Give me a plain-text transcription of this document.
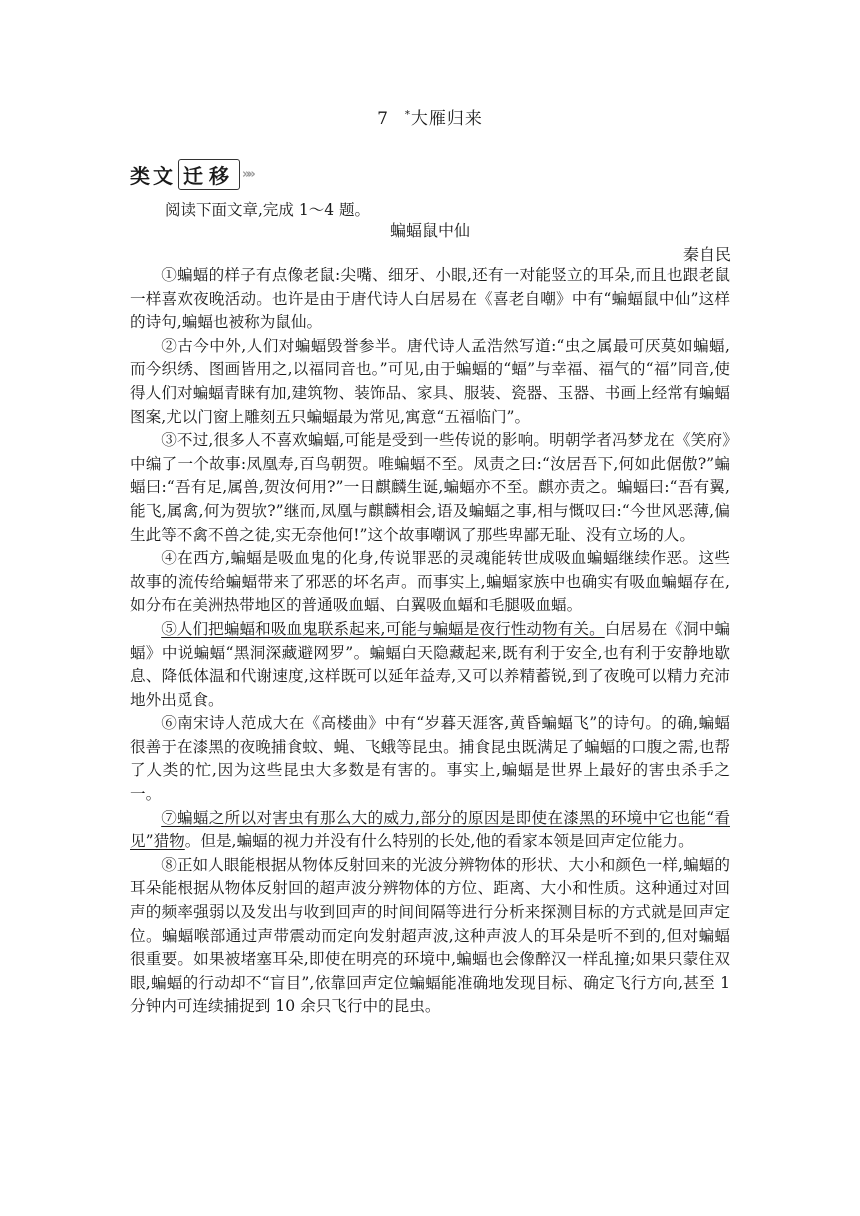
7 *大雁归来
类文 迁移 »»
阅读下面文章,完成 1～4 题。
蝙蝠鼠中仙
秦自民

①蝙蝠的样子有点像老鼠:尖嘴、细牙、小眼,还有一对能竖立的耳朵,而且也跟老鼠一样喜欢夜晚活动。也许是由于唐代诗人白居易在《喜老自嘲》中有“蝙蝠鼠中仙”这样的诗句,蝙蝠也被称为鼠仙。

②古今中外,人们对蝙蝠毁誉参半。唐代诗人孟浩然写道:“虫之属最可厌莫如蝙蝠,而今织绣、图画皆用之,以福同音也。”可见,由于蝙蝠的“蝠”与幸福、福气的“福”同音,使得人们对蝙蝠青睐有加,建筑物、装饰品、家具、服装、瓷器、玉器、书画上经常有蝙蝠图案,尤以门窗上雕刻五只蝙蝠最为常见,寓意“五福临门”。

③不过,很多人不喜欢蝙蝠,可能是受到一些传说的影响。明朝学者冯梦龙在《笑府》中编了一个故事:凤凰寿,百鸟朝贺。唯蝙蝠不至。凤责之曰:“汝居吾下,何如此倨傲?”蝙蝠曰:“吾有足,属兽,贺汝何用?”一日麒麟生诞,蝙蝠亦不至。麒亦责之。蝙蝠曰:“吾有翼,能飞,属禽,何为贺欤?”继而,凤凰与麒麟相会,语及蝙蝠之事,相与慨叹曰:“今世风恶薄,偏生此等不禽不兽之徒,实无奈他何!”这个故事嘲讽了那些卑鄙无耻、没有立场的人。

④在西方,蝙蝠是吸血鬼的化身,传说罪恶的灵魂能转世成吸血蝙蝠继续作恶。这些故事的流传给蝙蝠带来了邪恶的坏名声。而事实上,蝙蝠家族中也确实有吸血蝙蝠存在,如分布在美洲热带地区的普通吸血蝠、白翼吸血蝠和毛腿吸血蝠。

⑤人们把蝙蝠和吸血鬼联系起来,可能与蝙蝠是夜行性动物有关。白居易在《洞中蝙蝠》中说蝙蝠“黑洞深藏避网罗”。蝙蝠白天隐藏起来,既有利于安全,也有利于安静地歇息、降低体温和代谢速度,这样既可以延年益寿,又可以养精蓄锐,到了夜晚可以精力充沛地外出觅食。

⑥南宋诗人范成大在《高楼曲》中有“岁暮天涯客,黄昏蝙蝠飞”的诗句。的确,蝙蝠很善于在漆黑的夜晚捕食蚊、蝇、飞蛾等昆虫。捕食昆虫既满足了蝙蝠的口腹之需,也帮了人类的忙,因为这些昆虫大多数是有害的。事实上,蝙蝠是世界上最好的害虫杀手之一。

⑦蝙蝠之所以对害虫有那么大的威力,部分的原因是即使在漆黑的环境中它也能“看见”猎物。但是,蝙蝠的视力并没有什么特别的长处,他的看家本领是回声定位能力。

⑧正如人眼能根据从物体反射回来的光波分辨物体的形状、大小和颜色一样,蝙蝠的耳朵能根据从物体反射回的超声波分辨物体的方位、距离、大小和性质。这种通过对回声的频率强弱以及发出与收到回声的时间间隔等进行分析来探测目标的方式就是回声定位。蝙蝠喉部通过声带震动而定向发射超声波,这种声波人的耳朵是听不到的,但对蝙蝠很重要。如果被堵塞耳朵,即使在明亮的环境中,蝙蝠也会像醉汉一样乱撞;如果只蒙住双眼,蝙蝠的行动却不“盲目”,依靠回声定位蝙蝠能准确地发现目标、确定飞行方向,甚至 1 分钟内可连续捕捉到 10 余只飞行中的昆虫。
